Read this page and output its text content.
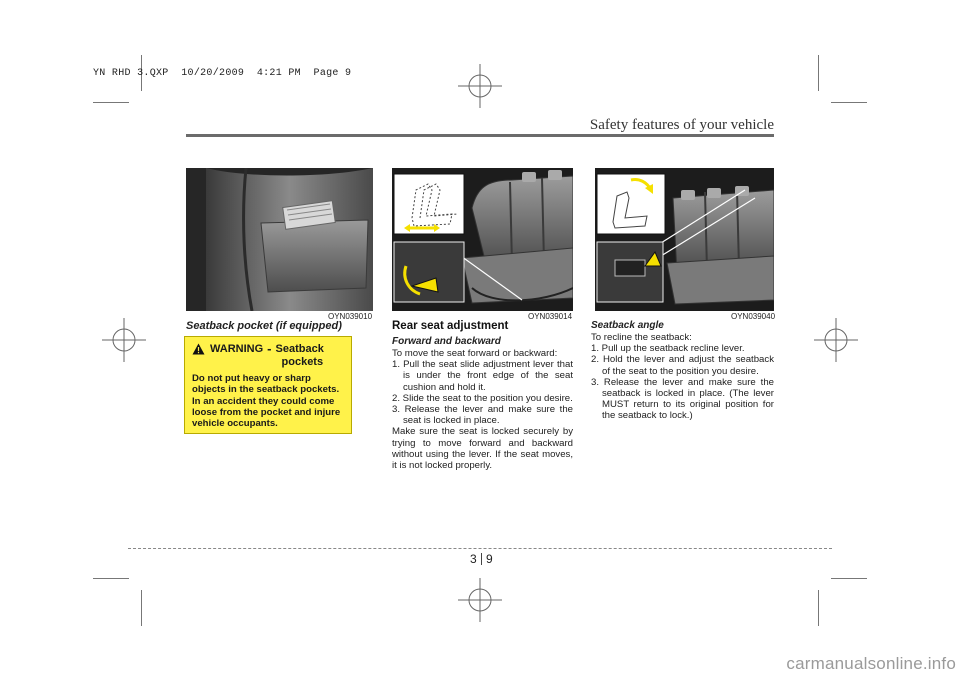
YN RHD 3.QXP  10/20/2009  4:21 PM  Page 9
Safety features of your vehicle
OYN039010
Seatback pocket (if equipped)
WARNING - Seatback
pockets
Do not put heavy or sharp objects in the seatback pockets. In an accident they could come loose from the pocket and injure vehicle occupants.
OYN039014	OYN039040
Rear seat adjustment
Forward and backward
To move the seat forward or backward:
1. Pull the seat slide adjustment lever that is under the front edge of the seat cushion and hold it.
2. Slide the seat to the position you desire.
3. Release the lever and make sure the seat is locked in place.
Make sure the seat is locked securely by trying to move forward and backward without using the lever. If the seat moves, it is not locked properly.
Seatback angle
To recline the seatback:
1. Pull up the seatback recline lever.
2. Hold the lever and adjust the seatback of the seat to the position you desire.
3. Release the lever and make sure the seatback is locked in place. (The lever MUST return to its original position for the seatback to lock.)
3 9
carmanualsonline.info
